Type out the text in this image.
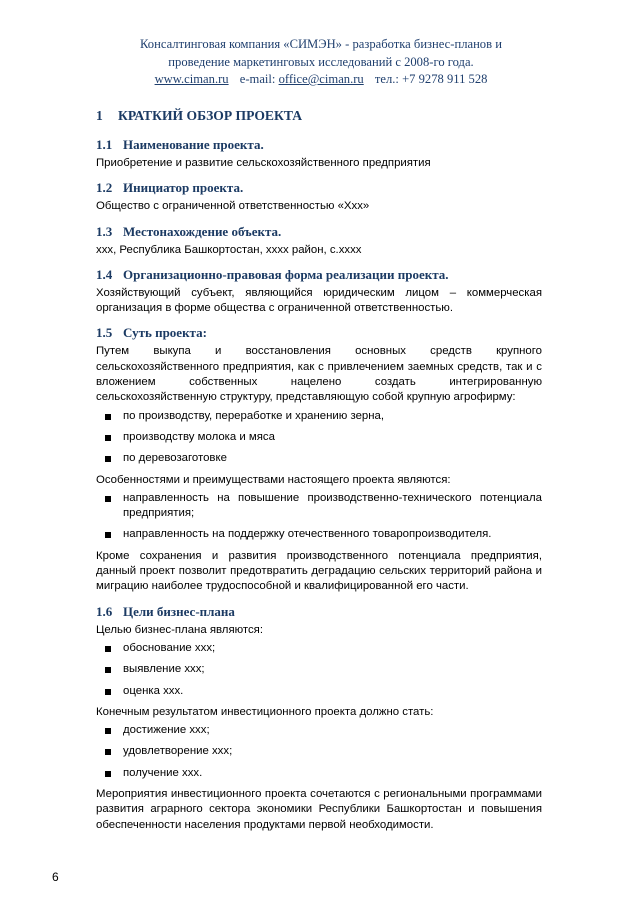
Консалтинговая компания «СИМЭН» - разработка бизнес-планов и
проведение маркетинговых исследований с 2008-го года.
www.ciman.ru e-mail: office@ciman.ru тел.: +7 9278 911 528
1 КРАТКИЙ ОБЗОР ПРОЕКТА
1.1 Наименование проекта.

Приобретение и развитие сельскохозяйственного предприятия

1.2 Инициатор проекта.

Общество с ограниченной ответственностью «Ххх»

1.3 Местонахождение объекта.

ххх, Республика Башкортостан, хххх район, с.хххх

1.4 Организационно-правовая форма реализации проекта.

Хозяйствующий субъект, являющийся юридическим лицом – коммерческая организация в форме общества с ограниченной ответственностью.

1.5 Суть проекта:

Путем выкупа и восстановления основных средств крупного сельскохозяйственного предприятия, как с привлечением заемных средств, так и с вложением собственных нацелено создать интегрированную сельскохозяйственную структуру, представляющую собой крупную агрофирму:

по производству, переработке и хранению зерна,
производству молока и мяса
по деревозаготовке

Особенностями и преимуществами настоящего проекта являются:

направленность на повышение производственно-технического потенциала предприятия;
направленность на поддержку отечественного товаропроизводителя.

Кроме сохранения и развития производственного потенциала предприятия, данный проект позволит предотвратить деградацию сельских территорий района и миграцию наиболее трудоспособной и квалифицированной его части.

1.6 Цели бизнес-плана

Целью бизнес-плана являются:

обоснование ххх;
выявление ххх;
оценка ххх.

Конечным результатом инвестиционного проекта должно стать:

достижение ххх;
удовлетворение ххх;
получение ххх.

Мероприятия инвестиционного проекта сочетаются с региональными программами развития аграрного сектора экономики Республики Башкортостан и повышения обеспеченности населения продуктами первой необходимости.

6
